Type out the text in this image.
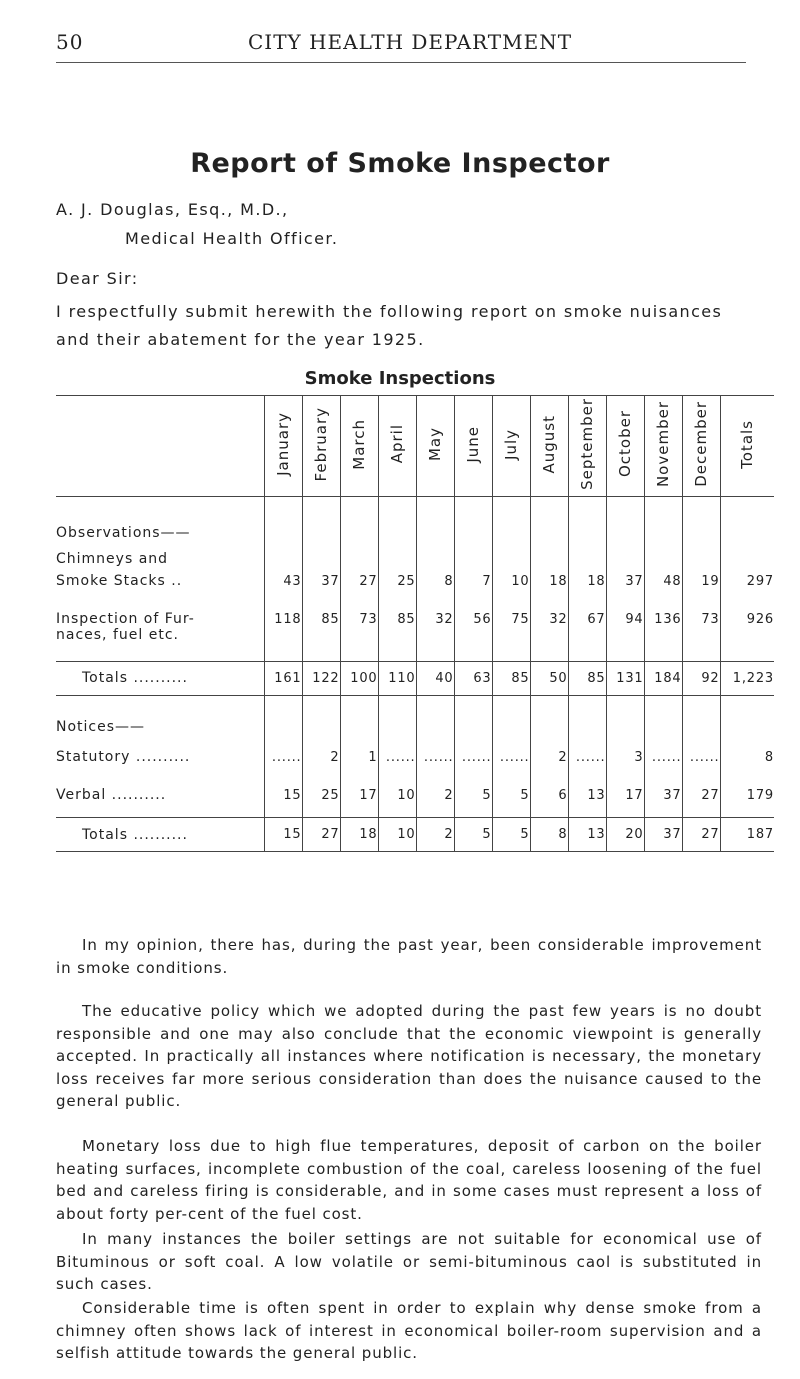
50	CITY HEALTH DEPARTMENT
Report of Smoke Inspector
A. J. Douglas, Esq., M.D.,
Medical Health Officer.
Dear Sir:
I respectfully submit herewith the following report on smoke nuisances
and their abatement for the year 1925.
Smoke Inspections
	January	February	March	April	May	June	July	August	September	October	November	December	Totals

Observations——													
Chimneys and													
Smoke Stacks ..	43	37	27	25	8	7	10	18	18	37	48	19	297
Inspection of Fur-	118	85	73	85	32	56	75	32	67	94	136	73	926
naces, fuel etc.													
Totals ..........	161	122	100	110	40	63	85	50	85	131	184	92	1,223
Notices——													
Statutory ..........	......	2	1	......	......	......	......	2	......	3	......	......	8
Verbal ..........	15	25	17	10	2	5	5	6	13	17	37	27	179

Totals ..........	15	27	18	10	2	5	5	8	13	20	37	27	187
In my opinion, there has, during the past year, been considerable improvement in smoke conditions.
The educative policy which we adopted during the past few years is no doubt responsible and one may also conclude that the economic viewpoint is generally accepted. In practically all instances where notification is necessary, the monetary loss receives far more serious consideration than does the nuisance caused to the general public.
Monetary loss due to high flue temperatures, deposit of carbon on the boiler heating surfaces, incomplete combustion of the coal, careless loosening of the fuel bed and careless firing is considerable, and in some cases must represent a loss of about forty per-cent of the fuel cost.
In many instances the boiler settings are not suitable for economical use of Bituminous or soft coal. A low volatile or semi-bituminous caol is substituted in such cases.
Considerable time is often spent in order to explain why dense smoke from a chimney often shows lack of interest in economical boiler-room supervision and a selfish attitude towards the general public.
